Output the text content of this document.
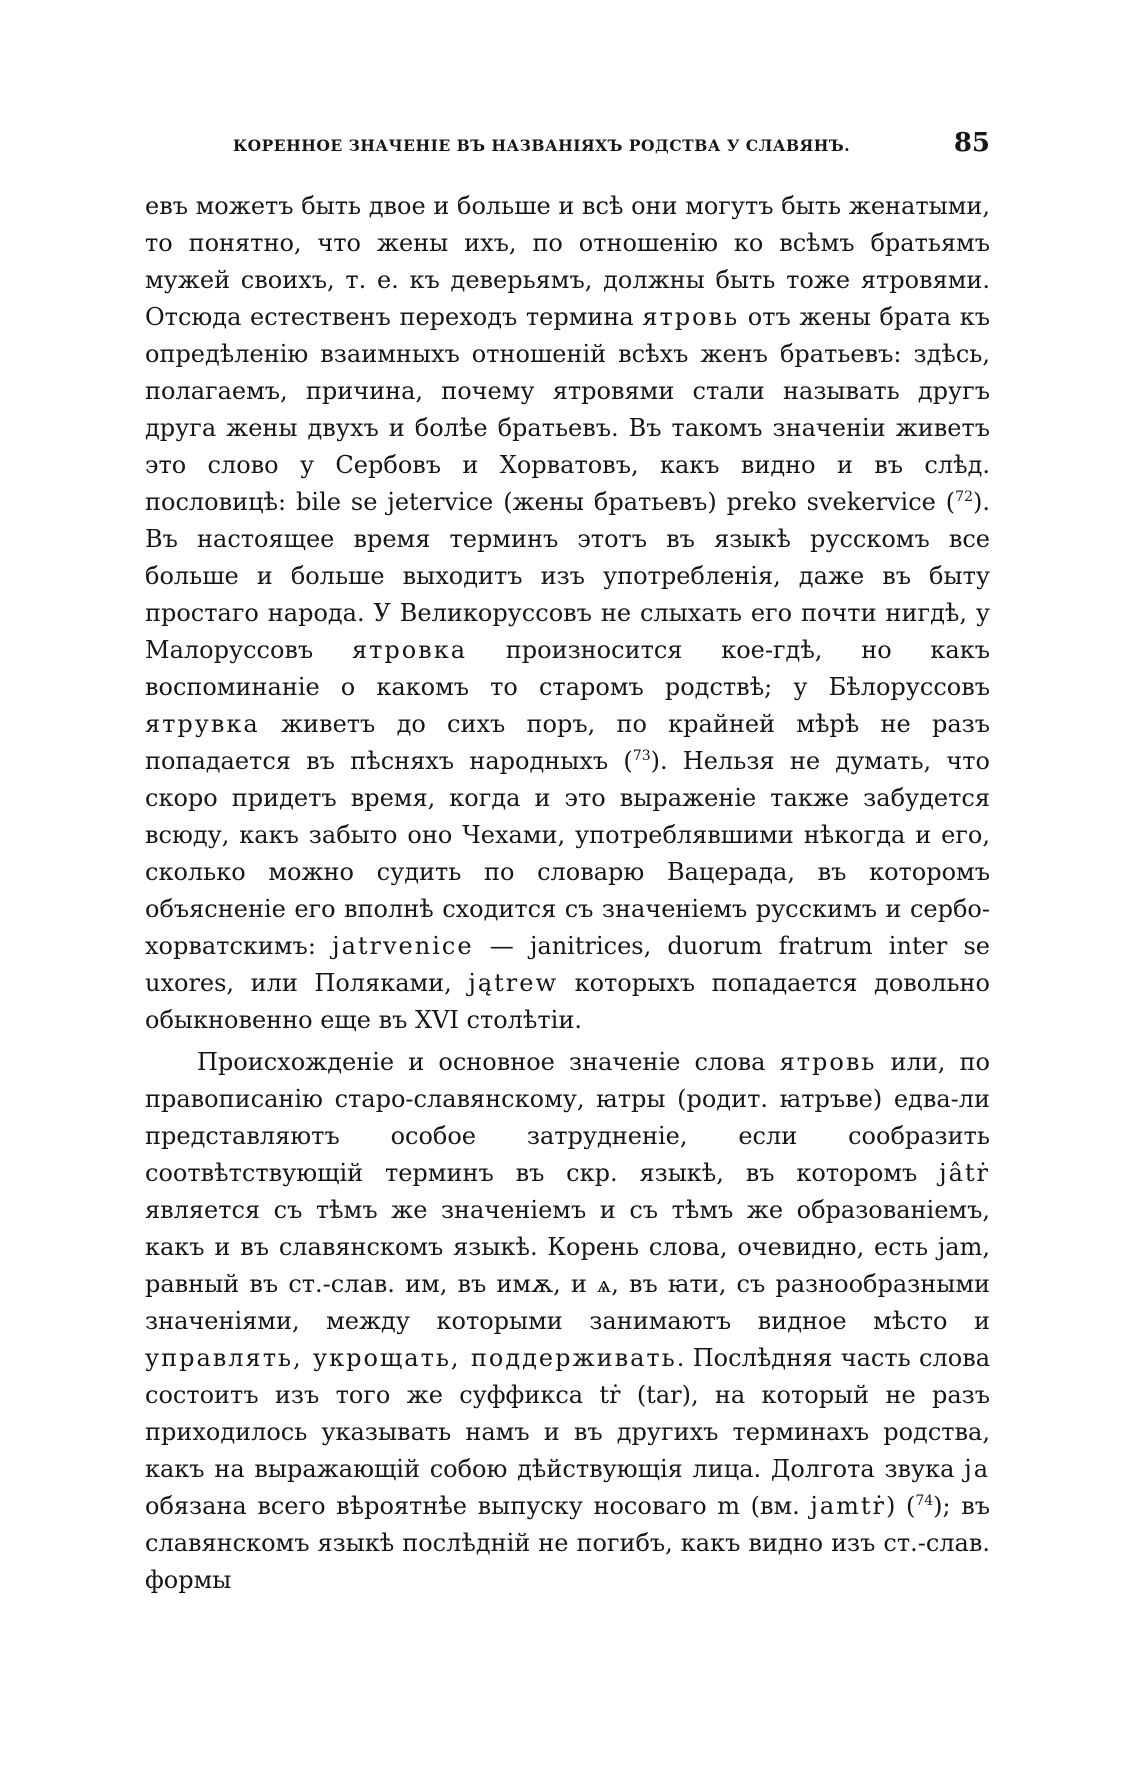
КОРЕННОЕ ЗНАЧЕНІЕ ВЪ НАЗВАНІЯХЪ РОДСТВА У СЛАВЯНЪ.	85

евъ можетъ быть двое и больше и всѣ они могутъ быть женатыми, то понятно, что жены ихъ, по отношенію ко всѣмъ братьямъ мужей своихъ, т. е. къ деверьямъ, должны быть тоже ятровями. Отсюда естественъ переходъ термина ятровь отъ жены брата къ опредѣленію взаимныхъ отношеній всѣхъ женъ братьевъ: здѣсь, полагаемъ, причина, почему ятровями стали называть другъ друга жены двухъ и болѣе братьевъ. Въ такомъ значеніи живетъ это слово у Сербовъ и Хорватовъ, какъ видно и въ слѣд. пословицѣ: bile se jetervice (жены братьевъ) preko svekervice ($^{72}$). Въ настоящее время терминъ этотъ въ языкѣ русскомъ все больше и больше выходитъ изъ употребленія, даже въ быту простаго народа. У Великоруссовъ не слыхать его почти нигдѣ, у Малоруссовъ ятровка произносится кое-гдѣ, но какъ воспоминаніе о какомъ то старомъ родствѣ; у Бѣлоруссовъ ятрувка живетъ до сихъ поръ, по крайней мѣрѣ не разъ попадается въ пѣсняхъ народныхъ ($^{73}$). Нельзя не думать, что скоро придетъ время, когда и это выраженіе также забудется всюду, какъ забыто оно Чехами, употреблявшими нѣкогда и его, сколько можно судить по словарю Вацерада, въ которомъ объясненіе его вполнѣ сходится съ значеніемъ русскимъ и сербо-хорватскимъ: jatrvenice — janitrices, duorum fratrum inter se uxores, или Поляками, jątrew которыхъ попадается довольно обыкновенно еще въ XVI столѣтіи.

Происхожденіе и основное значеніе слова ятровь или, по правописанію старо-славянскому, ꙗтры (родит. ꙗтръве) едва-ли представляютъ особое затрудненіе, если сообразить соотвѣтствующій терминъ въ скр. языкѣ, въ которомъ jâtṙ является съ тѣмъ же значеніемъ и съ тѣмъ же образованіемъ, какъ и въ славянскомъ языкѣ. Корень слова, очевидно, есть jam, равный въ ст.-слав. им, въ имѫ, и ѧ, въ ꙗти, съ разнообразными значеніями, между которыми занимаютъ видное мѣсто и управлять, укрощать, поддерживать. Послѣдняя часть слова состоитъ изъ того же суффикса tṙ (tar), на который не разъ приходилось указывать намъ и въ другихъ терминахъ родства, какъ на выражающій собою дѣйствующія лица. Долгота звука ja обязана всего вѣроятнѣе выпуску носоваго m (вм. jamtṙ) ($^{74}$); въ славянскомъ языкѣ послѣдній не погибъ, какъ видно изъ ст.-слав. формы
